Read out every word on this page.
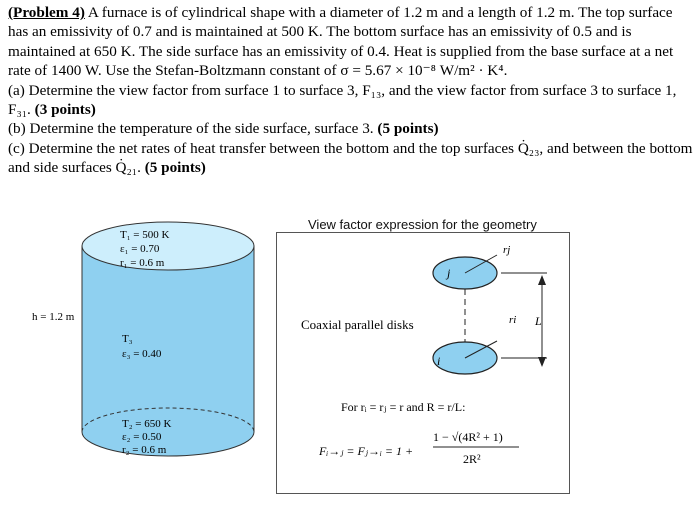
(Problem 4) A furnace is of cylindrical shape with a diameter of 1.2 m and a length of 1.2 m. The top surface has an emissivity of 0.7 and is maintained at 500 K. The bottom surface has an emissivity of 0.5 and is maintained at 650 K. The side surface has an emissivity of 0.4. Heat is supplied from the base surface at a net rate of 1400 W. Use the Stefan-Boltzmann constant of σ = 5.67 × 10⁻⁸ W/m² · K⁴.

(a) Determine the view factor from surface 1 to surface 3, F₁₃, and the view factor from surface 3 to surface 1, F₃₁. (3 points)

(b) Determine the temperature of the side surface, surface 3. (5 points)

(c) Determine the net rates of heat transfer between the bottom and the top surfaces Q̇₂₃, and between the bottom and side surfaces Q̇₂₁. (5 points)

T₁ = 500 K
ε₁ = 0.70
r₁ = 0.6 m
T₃
ε₃ = 0.40
h = 1.2 m
T₂ = 650 K
ε₂ = 0.50
r₂ = 0.6 m
View factor expression for the geometry
j
rj
i
ri L
Coaxial parallel disks
For rᵢ = rⱼ = r and R = r/L:
Fᵢ→ⱼ = Fⱼ→ᵢ = 1 +
1 − √(4R² + 1)
2R²
